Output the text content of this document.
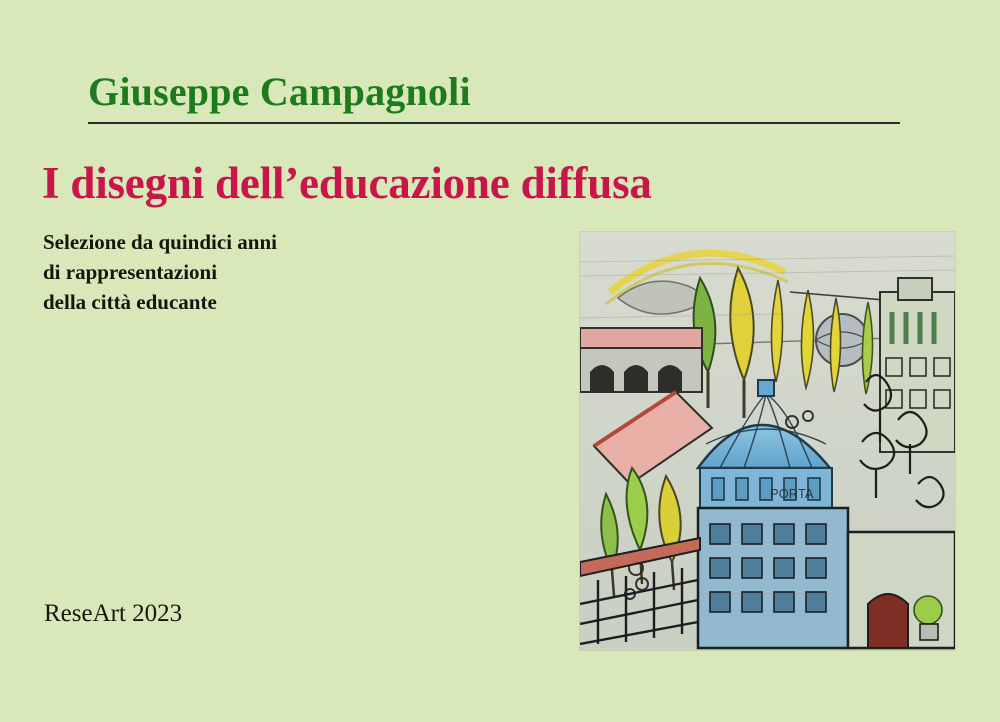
Giuseppe Campagnoli
I disegni dell’educazione diffusa
Selezione da quindici anni
di rappresentazioni
della città educante
ReseArt 2023
PORTA
